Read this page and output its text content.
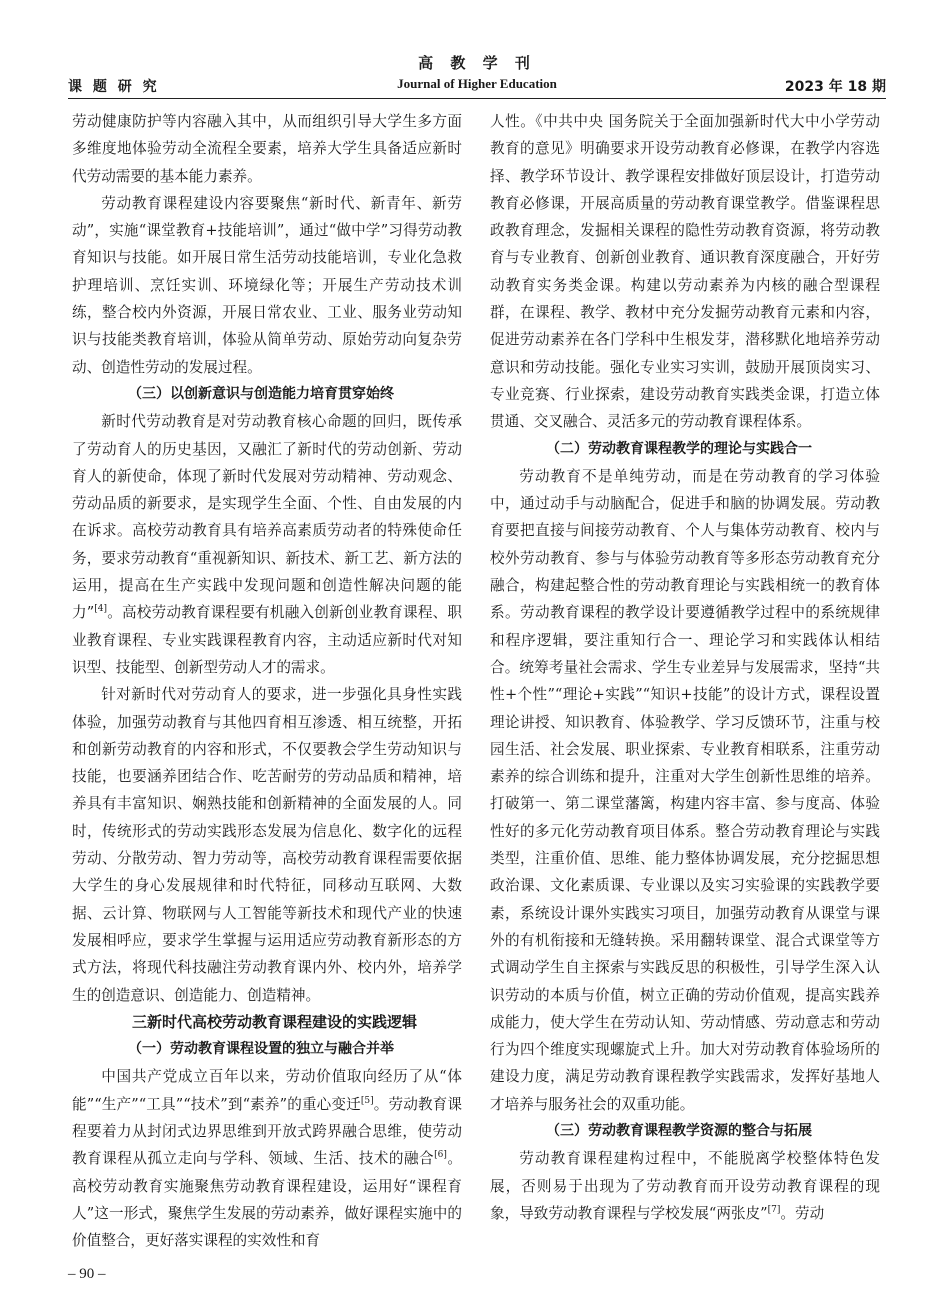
高 教 学 刊
课 题 研 究	Journal of Higher Education	2023 年 18 期

劳动健康防护等内容融入其中，从而组织引导大学生多方面多维度地体验劳动全流程全要素，培养大学生具备适应新时代劳动需要的基本能力素养。

劳动教育课程建设内容要聚焦“新时代、新青年、新劳动”，实施“课堂教育+技能培训”，通过“做中学”习得劳动教育知识与技能。如开展日常生活劳动技能培训，专业化急救护理培训、烹饪实训、环境绿化等；开展生产劳动技术训练，整合校内外资源，开展日常农业、工业、服务业劳动知识与技能类教育培训，体验从简单劳动、原始劳动向复杂劳动、创造性劳动的发展过程。

（三）以创新意识与创造能力培育贯穿始终

新时代劳动教育是对劳动教育核心命题的回归，既传承了劳动育人的历史基因，又融汇了新时代的劳动创新、劳动育人的新使命，体现了新时代发展对劳动精神、劳动观念、劳动品质的新要求，是实现学生全面、个性、自由发展的内在诉求。高校劳动教育具有培养高素质劳动者的特殊使命任务，要求劳动教育“重视新知识、新技术、新工艺、新方法的运用，提高在生产实践中发现问题和创造性解决问题的能力”[4]。高校劳动教育课程要有机融入创新创业教育课程、职业教育课程、专业实践课程教育内容，主动适应新时代对知识型、技能型、创新型劳动人才的需求。

针对新时代对劳动育人的要求，进一步强化具身性实践体验，加强劳动教育与其他四育相互渗透、相互统整，开拓和创新劳动教育的内容和形式，不仅要教会学生劳动知识与技能，也要涵养团结合作、吃苦耐劳的劳动品质和精神，培养具有丰富知识、娴熟技能和创新精神的全面发展的人。同时，传统形式的劳动实践形态发展为信息化、数字化的远程劳动、分散劳动、智力劳动等，高校劳动教育课程需要依据大学生的身心发展规律和时代特征，同移动互联网、大数据、云计算、物联网与人工智能等新技术和现代产业的快速发展相呼应，要求学生掌握与运用适应劳动教育新形态的方式方法，将现代科技融注劳动教育课内外、校内外，培养学生的创造意识、创造能力、创造精神。

三新时代高校劳动教育课程建设的实践逻辑

（一）劳动教育课程设置的独立与融合并举

中国共产党成立百年以来，劳动价值取向经历了从“体能”“生产”“工具”“技术”到“素养”的重心变迁[5]。劳动教育课程要着力从封闭式边界思维到开放式跨界融合思维，使劳动教育课程从孤立走向与学科、领域、生活、技术的融合[6]。高校劳动教育实施聚焦劳动教育课程建设，运用好“课程育人”这一形式，聚焦学生发展的劳动素养，做好课程实施中的价值整合，更好落实课程的实效性和育

人性。《中共中央 国务院关于全面加强新时代大中小学劳动教育的意见》明确要求开设劳动教育必修课，在教学内容选择、教学环节设计、教学课程安排做好顶层设计，打造劳动教育必修课，开展高质量的劳动教育课堂教学。借鉴课程思政教育理念，发掘相关课程的隐性劳动教育资源，将劳动教育与专业教育、创新创业教育、通识教育深度融合，开好劳动教育实务类金课。构建以劳动素养为内核的融合型课程群，在课程、教学、教材中充分发掘劳动教育元素和内容，促进劳动素养在各门学科中生根发芽，潜移默化地培养劳动意识和劳动技能。强化专业实习实训，鼓励开展顶岗实习、专业竞赛、行业探索，建设劳动教育实践类金课，打造立体贯通、交叉融合、灵活多元的劳动教育课程体系。

（二）劳动教育课程教学的理论与实践合一

劳动教育不是单纯劳动，而是在劳动教育的学习体验中，通过动手与动脑配合，促进手和脑的协调发展。劳动教育要把直接与间接劳动教育、个人与集体劳动教育、校内与校外劳动教育、参与与体验劳动教育等多形态劳动教育充分融合，构建起整合性的劳动教育理论与实践相统一的教育体系。劳动教育课程的教学设计要遵循教学过程中的系统规律和程序逻辑，要注重知行合一、理论学习和实践体认相结合。统筹考量社会需求、学生专业差异与发展需求，坚持“共性+个性”“理论+实践”“知识+技能”的设计方式，课程设置理论讲授、知识教育、体验教学、学习反馈环节，注重与校园生活、社会发展、职业探索、专业教育相联系，注重劳动素养的综合训练和提升，注重对大学生创新性思维的培养。打破第一、第二课堂藩篱，构建内容丰富、参与度高、体验性好的多元化劳动教育项目体系。整合劳动教育理论与实践类型，注重价值、思维、能力整体协调发展，充分挖掘思想政治课、文化素质课、专业课以及实习实验课的实践教学要素，系统设计课外实践实习项目，加强劳动教育从课堂与课外的有机衔接和无缝转换。采用翻转课堂、混合式课堂等方式调动学生自主探索与实践反思的积极性，引导学生深入认识劳动的本质与价值，树立正确的劳动价值观，提高实践养成能力，使大学生在劳动认知、劳动情感、劳动意志和劳动行为四个维度实现螺旋式上升。加大对劳动教育体验场所的建设力度，满足劳动教育课程教学实践需求，发挥好基地人才培养与服务社会的双重功能。

（三）劳动教育课程教学资源的整合与拓展

劳动教育课程建构过程中，不能脱离学校整体特色发展，否则易于出现为了劳动教育而开设劳动教育课程的现象，导致劳动教育课程与学校发展“两张皮”[7]。劳动

– 90 –
